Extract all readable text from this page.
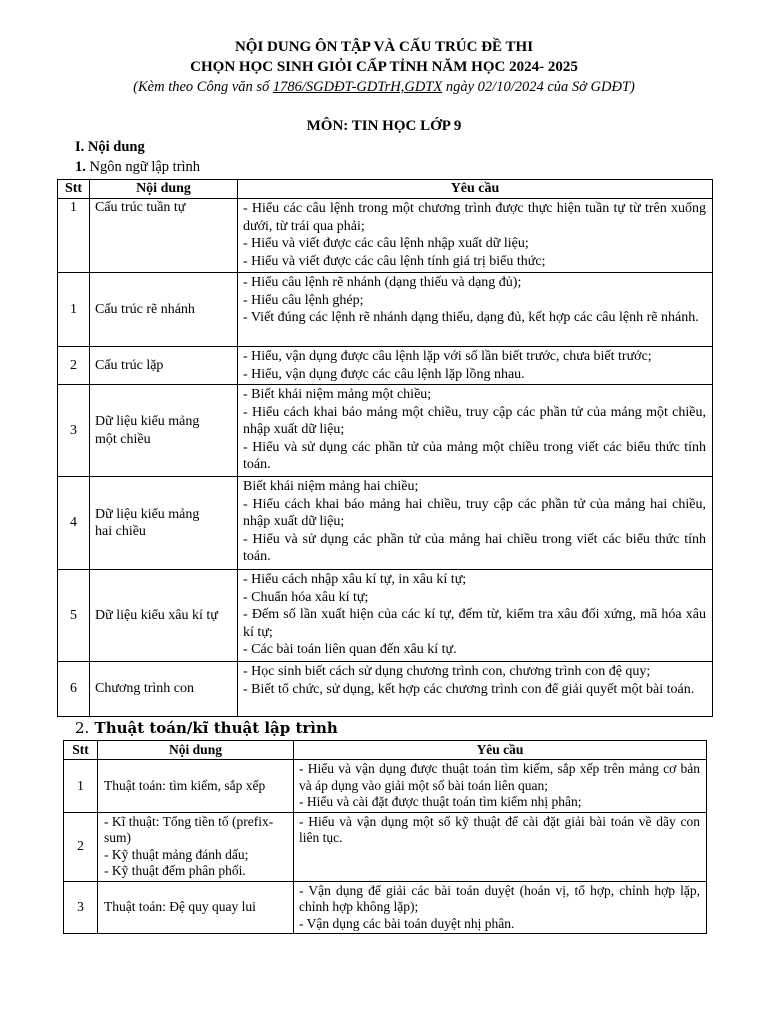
NỘI DUNG ÔN TẬP VÀ CẤU TRÚC ĐỀ THI
CHỌN HỌC SINH GIỎI CẤP TỈNH NĂM HỌC 2024- 2025
(Kèm theo Công văn số 1786/SGDĐT-GDTrH,GDTX ngày 02/10/2024 của Sở GDĐT)
MÔN: TIN HỌC LỚP 9
I. Nội dung
1. Ngôn ngữ lập trình
Stt	Nội dung	Yêu cầu
1	Cấu trúc tuần tự	- Hiểu các câu lệnh trong một chương trình được thực hiện tuần tự từ trên xuống dưới, từ trái qua phải;
- Hiểu và viết được các câu lệnh nhập xuất dữ liệu;
- Hiểu và viết được các câu lệnh tính giá trị biểu thức;

1	Cấu trúc rẽ nhánh	- Hiểu câu lệnh rẽ nhánh (dạng thiếu và dạng đủ);
- Hiểu câu lệnh ghép;
- Viết đúng các lệnh rẽ nhánh dạng thiếu, dạng đủ, kết hợp các câu lệnh rẽ nhánh.

2	Cấu trúc lặp	- Hiểu, vận dụng được câu lệnh lặp với số lần biết trước, chưa biết trước;
- Hiểu, vận dụng được các câu lệnh lặp lồng nhau.

3	Dữ liệu kiểu mảng
một chiều	- Biết khái niệm mảng một chiều;
- Hiểu cách khai báo mảng một chiều, truy cập các phần tử của mảng một chiều, nhập xuất dữ liệu;
- Hiểu và sử dụng các phần tử của mảng một chiều trong viết các biểu thức tính toán.

4	Dữ liệu kiểu mảng
hai chiều	Biết khái niệm mảng hai chiều;
- Hiểu cách khai báo mảng hai chiều, truy cập các phần tử của mảng hai chiều, nhập xuất dữ liệu;
- Hiểu và sử dụng các phần tử của mảng hai chiều trong viết các biểu thức tính toán.

5	Dữ liệu kiểu xâu kí tự	- Hiểu cách nhập xâu kí tự, in xâu kí tự;
- Chuẩn hóa xâu kí tự;
- Đếm số lần xuất hiện của các kí tự, đếm từ, kiểm tra xâu đối xứng, mã hóa xâu kí tự;
- Các bài toán liên quan đến xâu kí tự.

6	Chương trình con	- Học sinh biết cách sử dụng chương trình con, chương trình con đệ quy;
- Biết tổ chức, sử dụng, kết hợp các chương trình con để giải quyết một bài toán.
2. Thuật toán/kĩ thuật lập trình
Stt	Nội dung	Yêu cầu
1	Thuật toán: tìm kiếm, sắp xếp	- Hiểu và vận dụng được thuật toán tìm kiếm, sắp xếp trên mảng cơ bản và áp dụng vào giải một số bài toán liên quan;
- Hiểu và cài đặt được thuật toán tìm kiếm nhị phân;

2	- Kĩ thuật: Tổng tiền tố (prefix-sum)
- Kỹ thuật mảng đánh dấu;
- Kỹ thuật đếm phân phối.	- Hiểu và vận dụng một số kỹ thuật để cài đặt giải bài toán về dãy con liên tục.

3	Thuật toán: Đệ quy quay lui	- Vận dụng để giải các bài toán duyệt (hoán vị, tổ hợp, chỉnh hợp lặp, chỉnh hợp không lặp);
- Vận dụng các bài toán duyệt nhị phân.
